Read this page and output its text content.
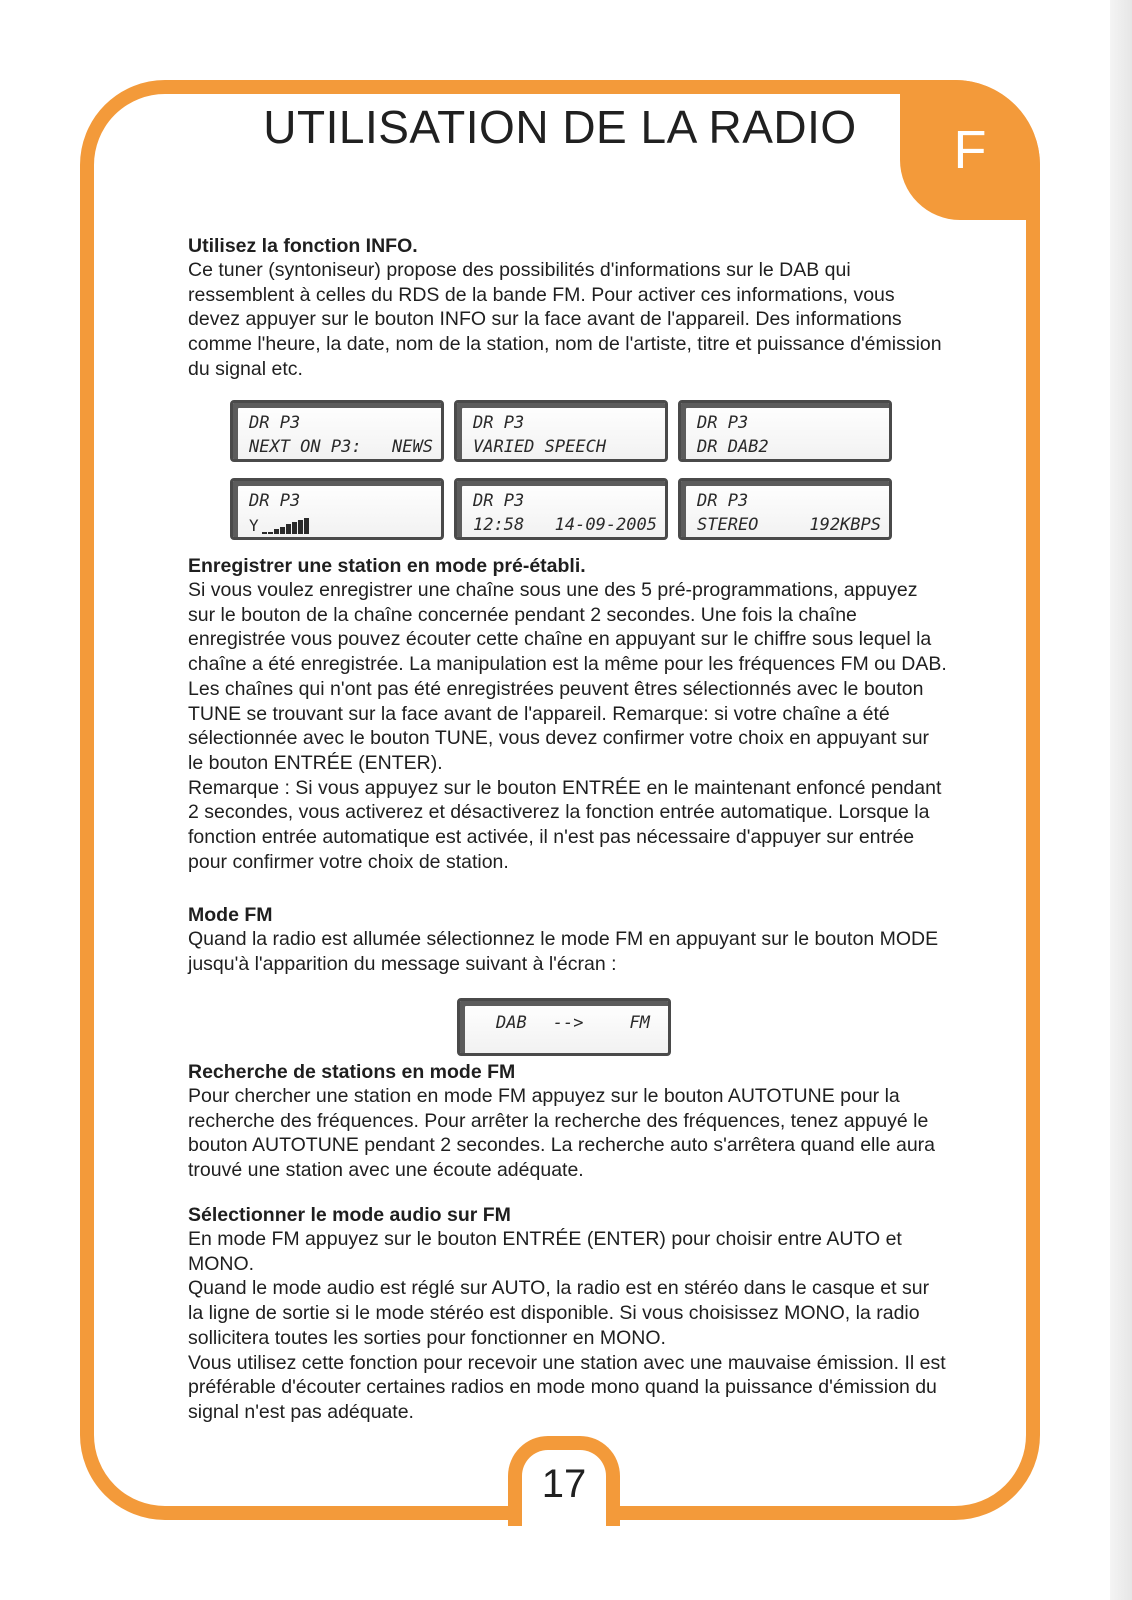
F
UTILISATION DE LA RADIO

Utilisez la fonction INFO.

Ce tuner (syntoniseur) propose des possibilités d'informations sur le DAB qui ressemblent à celles du RDS de la bande FM. Pour activer ces informations, vous devez appuyer sur le bouton INFO sur la face avant de l'appareil. Des informations comme l'heure, la date, nom de la station, nom de l'artiste, titre et puissance d'émission du signal etc.

DR P3
NEXT ON P3: NEWS
DR P3
VARIED SPEECH
DR P3
DR DAB2
DR P3
Y
DR P3
12:58 14-09-2005
DR P3
STEREO	192KBPS

Enregistrer une station en mode pré-établi.

Si vous voulez enregistrer une chaîne sous une des 5 pré-programmations, appuyez sur le bouton de la chaîne concernée pendant 2 secondes. Une fois la chaîne enregistrée vous pouvez écouter cette chaîne en appuyant sur le chiffre sous lequel la chaîne a été enregistrée. La manipulation est la même pour les fréquences FM ou DAB.

Les chaînes qui n'ont pas été enregistrées peuvent êtres sélectionnés avec le bouton TUNE se trouvant sur la face avant de l'appareil. Remarque: si votre chaîne a été sélectionnée avec le bouton TUNE, vous devez confirmer votre choix en appuyant sur le bouton ENTRÉE (ENTER).

Remarque : Si vous appuyez sur le bouton ENTRÉE en le maintenant enfoncé pendant 2 secondes, vous activerez et désactiverez la fonction entrée automatique. Lorsque la fonction entrée automatique est activée, il n'est pas nécessaire d'appuyer sur entrée pour confirmer votre choix de station.

Mode FM

Quand la radio est allumée sélectionnez le mode FM en appuyant sur le bouton MODE jusqu'à l'apparition du message suivant à l'écran :

DAB -->	FM

Recherche de stations en mode FM

Pour chercher une station en mode FM appuyez sur le bouton AUTOTUNE pour la recherche des fréquences. Pour arrêter la recherche des fréquences, tenez appuyé le bouton AUTOTUNE pendant 2 secondes. La recherche auto s'arrêtera quand elle aura trouvé une station avec une écoute adéquate.

Sélectionner le mode audio sur FM

En mode FM appuyez sur le bouton ENTRÉE (ENTER) pour choisir entre AUTO et MONO.

Quand le mode audio est réglé sur AUTO, la radio est en stéréo dans le casque et sur la ligne de sortie si le mode stéréo est disponible. Si vous choisissez MONO, la radio sollicitera toutes les sorties pour fonctionner en MONO.

Vous utilisez cette fonction pour recevoir une station avec une mauvaise émission. Il est préférable d'écouter certaines radios en mode mono quand la puissance d'émission du signal n'est pas adéquate.

17
